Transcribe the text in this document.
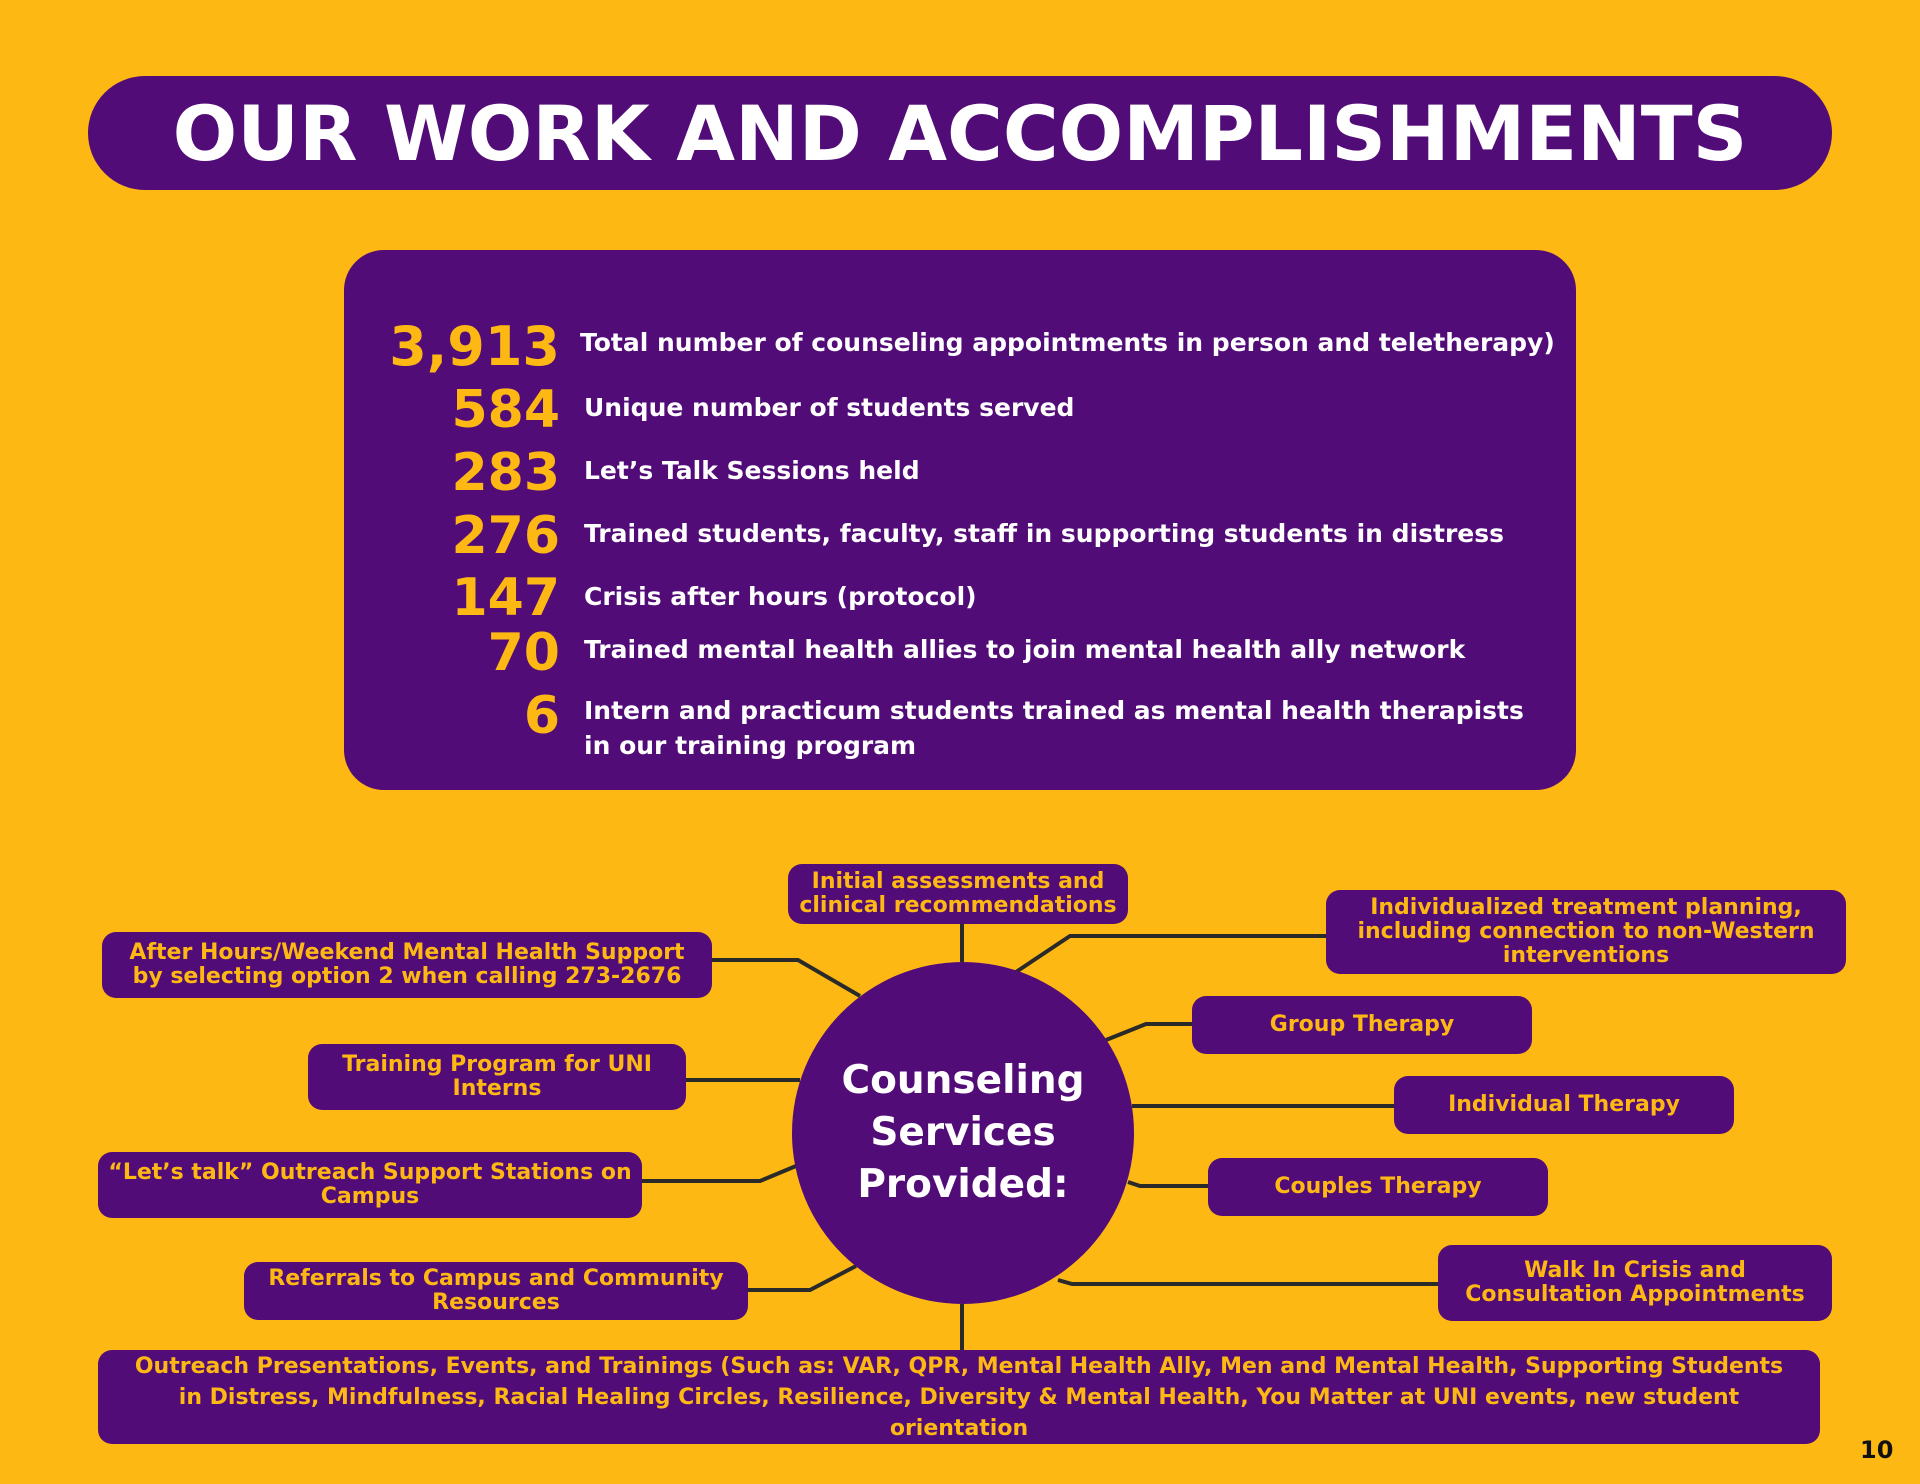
OUR WORK AND ACCOMPLISHMENTS
3,913
584
283
276
147
70
6
Total number of counseling appointments in person and teletherapy)
Unique number of students served
Let’s Talk Sessions held
Trained students, faculty, staff in supporting students in distress
Crisis after hours (protocol)
Trained mental health allies to join mental health ally network
Intern and practicum students trained as mental health therapists
in our training program
Counseling Services Provided:
Initial assessments and clinical recommendations	Individualized treatment planning, including connection to non-Western interventions
After Hours/Weekend Mental Health Support by selecting option 2 when calling 273-2676
Group Therapy
Training Program for UNI Interns
Individual Therapy
“Let’s talk” Outreach Support Stations on Campus	Couples Therapy
Referrals to Campus and Community Resources
Walk In Crisis and Consultation Appointments
Outreach Presentations, Events, and Trainings (Such as: VAR, QPR, Mental Health Ally, Men and Mental Health, Supporting Students in Distress, Mindfulness, Racial Healing Circles, Resilience, Diversity & Mental Health, You Matter at UNI events, new student orientation
10
